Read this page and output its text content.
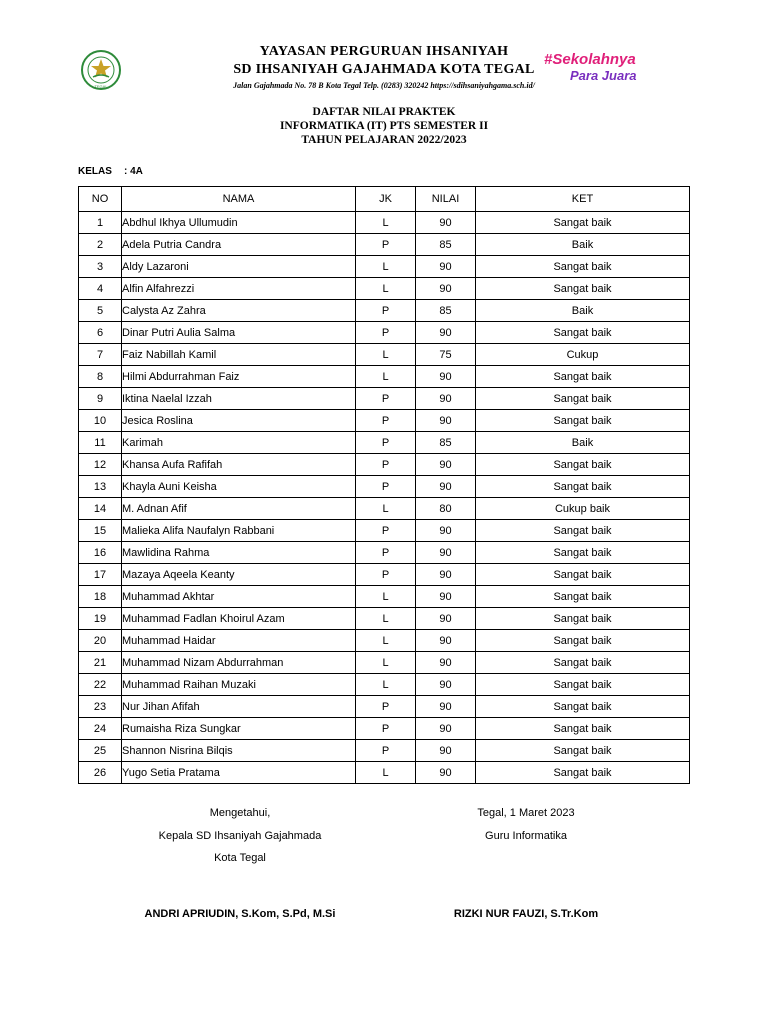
TEGAL
#Sekolahnya
Para Juara
YAYASAN PERGURUAN IHSANIYAH
SD IHSANIYAH GAJAHMADA KOTA TEGAL
Jalan Gajahmada No. 78 B Kota Tegal Telp. (0283) 320242 https://sdihsaniyahgama.sch.id/
DAFTAR NILAI PRAKTEK
INFORMATIKA (IT) PTS SEMESTER II
TAHUN PELAJARAN 2022/2023
KELAS : 4A
NO	NAMA	JK	NILAI	KET
1	Abdhul Ikhya Ullumudin	L	90	Sangat baik
2	Adela Putria Candra	P	85	Baik
3	Aldy Lazaroni	L	90	Sangat baik
4	Alfin Alfahrezzi	L	90	Sangat baik
5	Calysta Az Zahra	P	85	Baik
6	Dinar Putri Aulia Salma	P	90	Sangat baik
7	Faiz Nabillah Kamil	L	75	Cukup
8	Hilmi Abdurrahman Faiz	L	90	Sangat baik
9	Iktina Naelal Izzah	P	90	Sangat baik
10	Jesica Roslina	P	90	Sangat baik
11	Karimah	P	85	Baik
12	Khansa Aufa Rafifah	P	90	Sangat baik
13	Khayla Auni Keisha	P	90	Sangat baik
14	M. Adnan Afif	L	80	Cukup baik
15	Malieka Alifa Naufalyn Rabbani	P	90	Sangat baik
16	Mawlidina Rahma	P	90	Sangat baik
17	Mazaya Aqeela Keanty	P	90	Sangat baik
18	Muhammad Akhtar	L	90	Sangat baik
19	Muhammad Fadlan Khoirul Azam	L	90	Sangat baik
20	Muhammad Haidar	L	90	Sangat baik
21	Muhammad Nizam Abdurrahman	L	90	Sangat baik
22	Muhammad Raihan Muzaki	L	90	Sangat baik
23	Nur Jihan Afifah	P	90	Sangat baik
24	Rumaisha Riza Sungkar	P	90	Sangat baik
25	Shannon Nisrina Bilqis	P	90	Sangat baik
26	Yugo Setia Pratama	L	90	Sangat baik
Mengetahui,
Kepala SD Ihsaniyah Gajahmada
Kota Tegal
ANDRI APRIUDIN, S.Kom, S.Pd, M.Si
Tegal, 1 Maret 2023
Guru Informatika
RIZKI NUR FAUZI, S.Tr.Kom
